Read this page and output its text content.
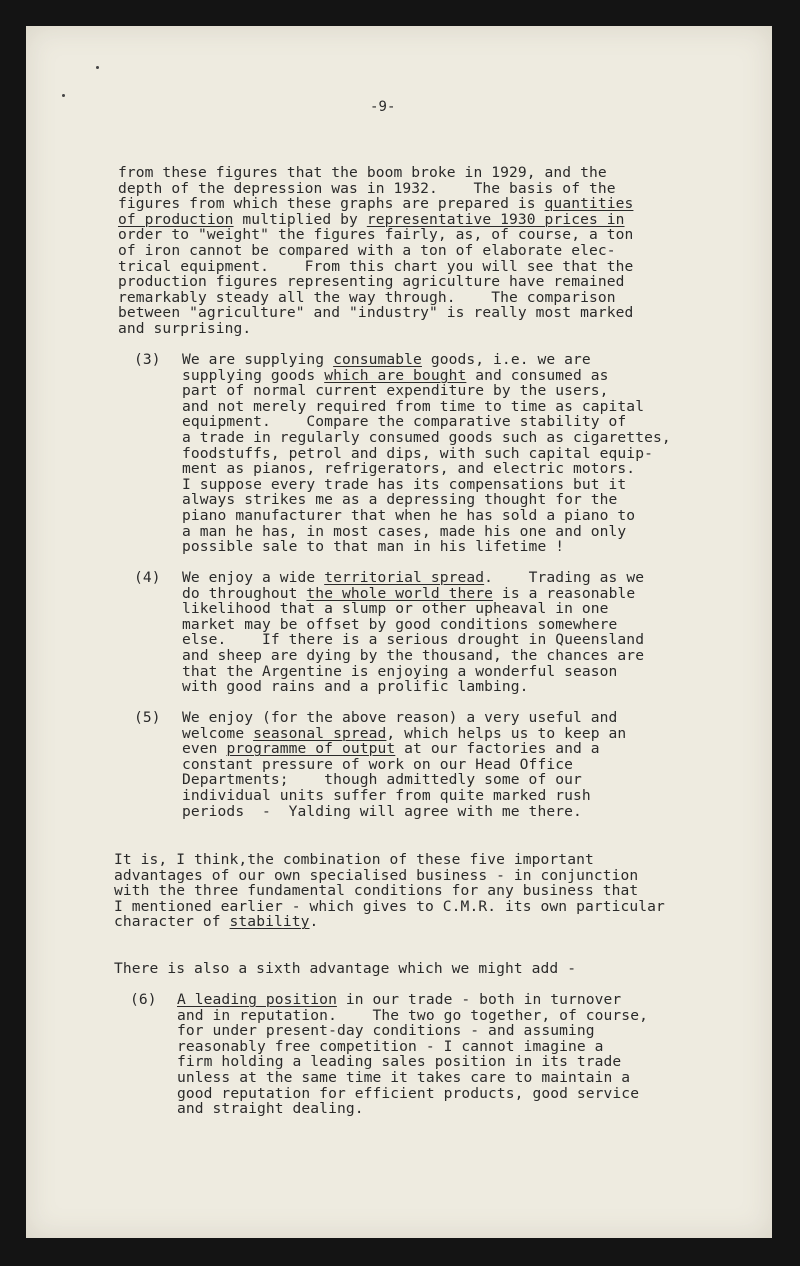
-9-
from these figures that the boom broke in 1929, and the
depth of the depression was in 1932.    The basis of the
figures from which these graphs are prepared is quantities
of production multiplied by representative 1930 prices in
order to "weight" the figures fairly, as, of course, a ton
of iron cannot be compared with a ton of elaborate elec-
trical equipment.    From this chart you will see that the
production figures representing agriculture have remained
remarkably steady all the way through.    The comparison
between "agriculture" and "industry" is really most marked
and surprising.
(3) We are supplying consumable goods, i.e. we are
supplying goods which are bought and consumed as
part of normal current expenditure by the users,
and not merely required from time to time as capital
equipment.    Compare the comparative stability of
a trade in regularly consumed goods such as cigarettes,
foodstuffs, petrol and dips, with such capital equip-
ment as pianos, refrigerators, and electric motors.
I suppose every trade has its compensations but it
always strikes me as a depressing thought for the
piano manufacturer that when he has sold a piano to
a man he has, in most cases, made his one and only
possible sale to that man in his lifetime !
(4) We enjoy a wide territorial spread.    Trading as we
do throughout the whole world there is a reasonable
likelihood that a slump or other upheaval in one
market may be offset by good conditions somewhere
else.    If there is a serious drought in Queensland
and sheep are dying by the thousand, the chances are
that the Argentine is enjoying a wonderful season
with good rains and a prolific lambing.
(5) We enjoy (for the above reason) a very useful and
welcome seasonal spread, which helps us to keep an
even programme of output at our factories and a
constant pressure of work on our Head Office
Departments;    though admittedly some of our
individual units suffer from quite marked rush
periods  -  Yalding will agree with me there.
It is, I think,the combination of these five important
advantages of our own specialised business - in conjunction
with the three fundamental conditions for any business that
I mentioned earlier - which gives to C.M.R. its own particular
character of stability.
There is also a sixth advantage which we might add -
(6) A leading position in our trade - both in turnover
and in reputation.    The two go together, of course,
for under present-day conditions - and assuming
reasonably free competition - I cannot imagine a
firm holding a leading sales position in its trade
unless at the same time it takes care to maintain a
good reputation for efficient products, good service
and straight dealing.
